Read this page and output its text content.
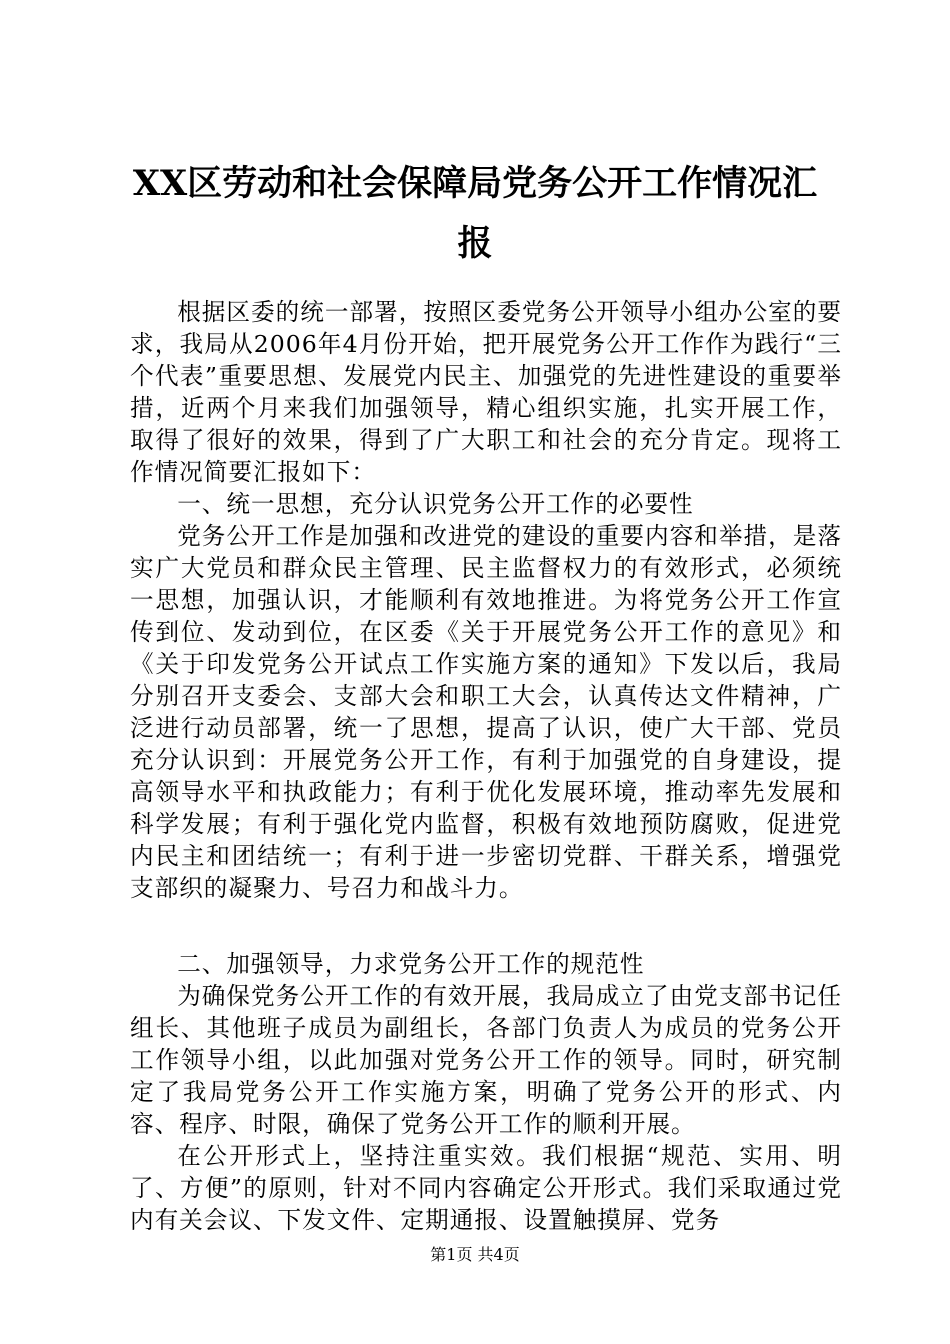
XX区劳动和社会保障局党务公开工作情况汇
报

根据区委的统一部署，按照区委党务公开领导小组办公室的要求，我局从2006年4月份开始，把开展党务公开工作作为践行“三个代表”重要思想、发展党内民主、加强党的先进性建设的重要举措，近两个月来我们加强领导，精心组织实施，扎实开展工作，取得了很好的效果，得到了广大职工和社会的充分肯定。现将工作情况简要汇报如下：

一、统一思想，充分认识党务公开工作的必要性

党务公开工作是加强和改进党的建设的重要内容和举措，是落实广大党员和群众民主管理、民主监督权力的有效形式，必须统一思想，加强认识，才能顺利有效地推进。为将党务公开工作宣传到位、发动到位，在区委《关于开展党务公开工作的意见》和《关于印发党务公开试点工作实施方案的通知》下发以后，我局分别召开支委会、支部大会和职工大会，认真传达文件精神，广泛进行动员部署，统一了思想，提高了认识，使广大干部、党员充分认识到：开展党务公开工作，有利于加强党的自身建设，提高领导水平和执政能力；有利于优化发展环境，推动率先发展和科学发展；有利于强化党内监督，积极有效地预防腐败，促进党内民主和团结统一；有利于进一步密切党群、干群关系，增强党支部织的凝聚力、号召力和战斗力。

二、加强领导，力求党务公开工作的规范性

为确保党务公开工作的有效开展，我局成立了由党支部书记任组长、其他班子成员为副组长，各部门负责人为成员的党务公开工作领导小组，以此加强对党务公开工作的领导。同时，研究制定了我局党务公开工作实施方案，明确了党务公开的形式、内容、程序、时限，确保了党务公开工作的顺利开展。

在公开形式上，坚持注重实效。我们根据“规范、实用、明了、方便”的原则，针对不同内容确定公开形式。我们采取通过党内有关会议、下发文件、定期通报、设置触摸屏、党务

第1页 共4页
